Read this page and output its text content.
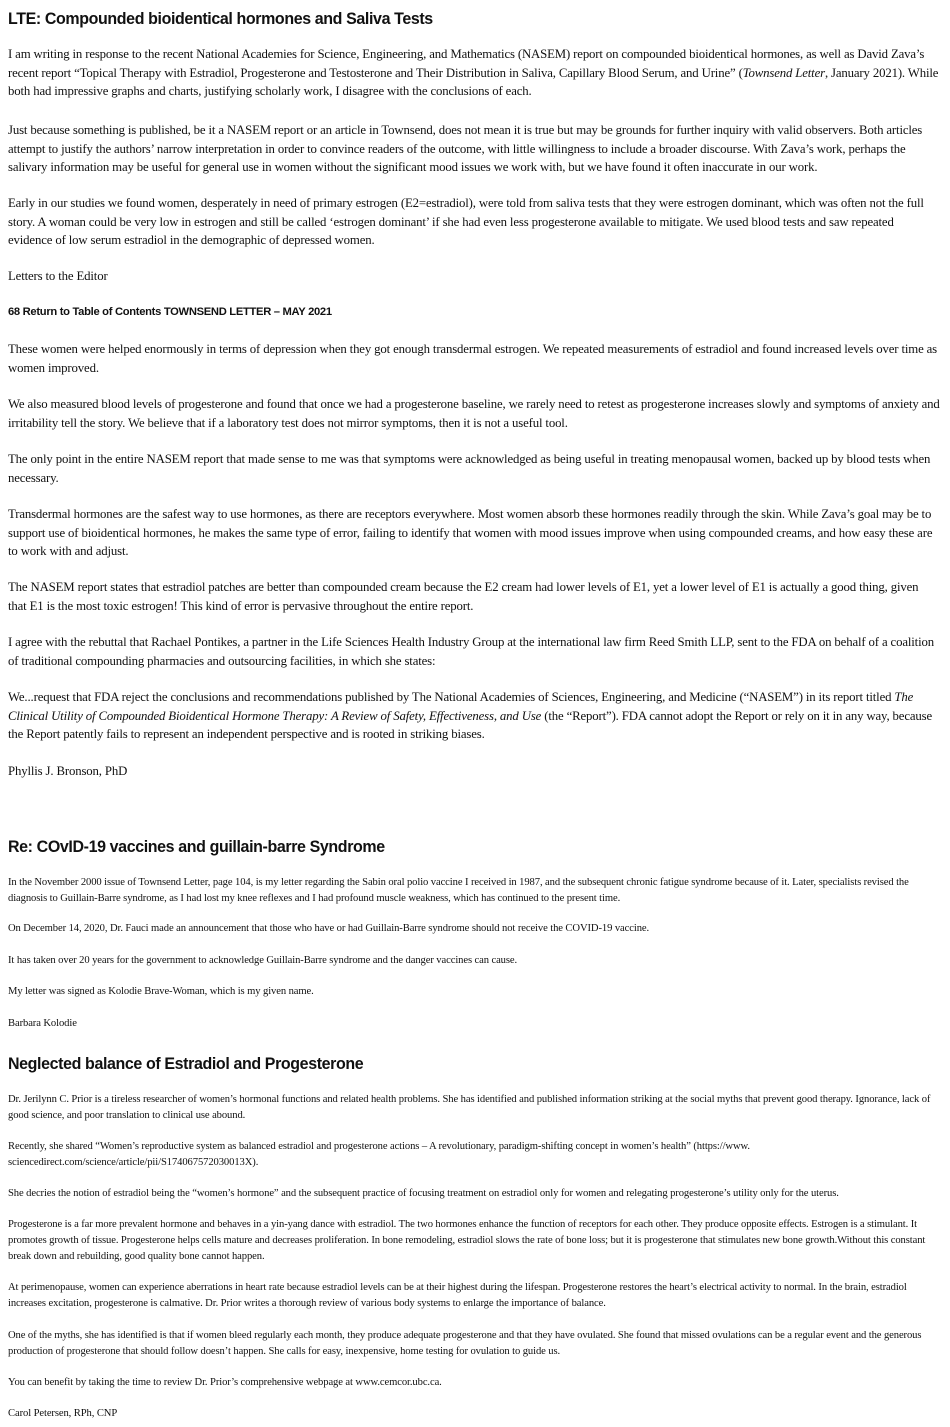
LTE: Compounded bioidentical hormones and Saliva Tests

I am writing in response to the recent National Academies for Science, Engineering, and Mathematics (NASEM) report on compounded bioidentical hormones, as well as David Zava’s recent report “Topical Therapy with Estradiol, Progesterone and Testosterone and Their Distribution in Saliva, Capillary Blood Serum, and Urine” (Townsend Letter, January 2021). While both had impressive graphs and charts, justifying scholarly work, I disagree with the conclusions of each.

Just because something is published, be it a NASEM report or an article in Townsend, does not mean it is true but may be grounds for further inquiry with valid observers. Both articles attempt to justify the authors’ narrow interpretation in order to convince readers of the outcome, with little willingness to include a broader discourse. With Zava’s work, perhaps the salivary information may be useful for general use in women without the significant mood issues we work with, but we have found it often inaccurate in our work.

Early in our studies we found women, desperately in need of primary estrogen (E2=estradiol), were told from saliva tests that they were estrogen dominant, which was often not the full story. A woman could be very low in estrogen and still be called ‘estrogen dominant’ if she had even less progesterone available to mitigate. We used blood tests and saw repeated evidence of low serum estradiol in the demographic of depressed women.

Letters to the Editor

68 Return to Table of Contents TOWNSEND LETTER – MAY 2021

These women were helped enormously in terms of depression when they got enough transdermal estrogen. We repeated measurements of estradiol and found increased levels over time as women improved.

We also measured blood levels of progesterone and found that once we had a progesterone baseline, we rarely need to retest as progesterone increases slowly and symptoms of anxiety and irritability tell the story. We believe that if a laboratory test does not mirror symptoms, then it is not a useful tool.

The only point in the entire NASEM report that made sense to me was that symptoms were acknowledged as being useful in treating menopausal women, backed up by blood tests when necessary.

Transdermal hormones are the safest way to use hormones, as there are receptors everywhere. Most women absorb these hormones readily through the skin. While Zava’s goal may be to support use of bioidentical hormones, he makes the same type of error, failing to identify that women with mood issues improve when using compounded creams, and how easy these are to work with and adjust.

The NASEM report states that estradiol patches are better than compounded cream because the E2 cream had lower levels of E1, yet a lower level of E1 is actually a good thing, given that E1 is the most toxic estrogen! This kind of error is pervasive throughout the entire report.

I agree with the rebuttal that Rachael Pontikes, a partner in the Life Sciences Health Industry Group at the international law firm Reed Smith LLP, sent to the FDA on behalf of a coalition of traditional compounding pharmacies and outsourcing facilities, in which she states:

We...request that FDA reject the conclusions and recommendations published by The National Academies of Sciences, Engineering, and Medicine (“NASEM”) in its report titled The Clinical Utility of Compounded Bioidentical Hormone Therapy: A Review of Safety, Effectiveness, and Use (the “Report”). FDA cannot adopt the Report or rely on it in any way, because the Report patently fails to represent an independent perspective and is rooted in striking biases.

Phyllis J. Bronson, PhD

Re: COvID-19 vaccines and guillain-barre Syndrome

In the November 2000 issue of Townsend Letter, page 104, is my letter regarding the Sabin oral polio vaccine I received in 1987, and the subsequent chronic fatigue syndrome because of it. Later, specialists revised the diagnosis to Guillain-Barre syndrome, as I had lost my knee reflexes and I had profound muscle weakness, which has continued to the present time.

On December 14, 2020, Dr. Fauci made an announcement that those who have or had Guillain-Barre syndrome should not receive the COVID-19 vaccine.

It has taken over 20 years for the government to acknowledge Guillain-Barre syndrome and the danger vaccines can cause.

My letter was signed as Kolodie Brave-Woman, which is my given name.

Barbara Kolodie

Neglected balance of Estradiol and Progesterone

Dr. Jerilynn C. Prior is a tireless researcher of women’s hormonal functions and related health problems. She has identified and published information striking at the social myths that prevent good therapy. Ignorance, lack of good science, and poor translation to clinical use abound.

Recently, she shared “Women’s reproductive system as balanced estradiol and progesterone actions – A revolutionary, paradigm-shifting concept in women’s health” (https://www. sciencedirect.com/science/article/pii/S174067572030013X).

She decries the notion of estradiol being the “women’s hormone” and the subsequent practice of focusing treatment on estradiol only for women and relegating progesterone’s utility only for the uterus.

Progesterone is a far more prevalent hormone and behaves in a yin-yang dance with estradiol. The two hormones enhance the function of receptors for each other. They produce opposite effects. Estrogen is a stimulant. It promotes growth of tissue. Progesterone helps cells mature and decreases proliferation. In bone remodeling, estradiol slows the rate of bone loss; but it is progesterone that stimulates new bone growth.Without this constant break down and rebuilding, good quality bone cannot happen.

At perimenopause, women can experience aberrations in heart rate because estradiol levels can be at their highest during the lifespan. Progesterone restores the heart’s electrical activity to normal. In the brain, estradiol increases excitation, progesterone is calmative. Dr. Prior writes a thorough review of various body systems to enlarge the importance of balance.

One of the myths, she has identified is that if women bleed regularly each month, they produce adequate progesterone and that they have ovulated. She found that missed ovulations can be a regular event and the generous production of progesterone that should follow doesn’t happen. She calls for easy, inexpensive, home testing for ovulation to guide us.

You can benefit by taking the time to review Dr. Prior’s comprehensive webpage at www.cemcor.ubc.ca.

Carol Petersen, RPh, CNP
